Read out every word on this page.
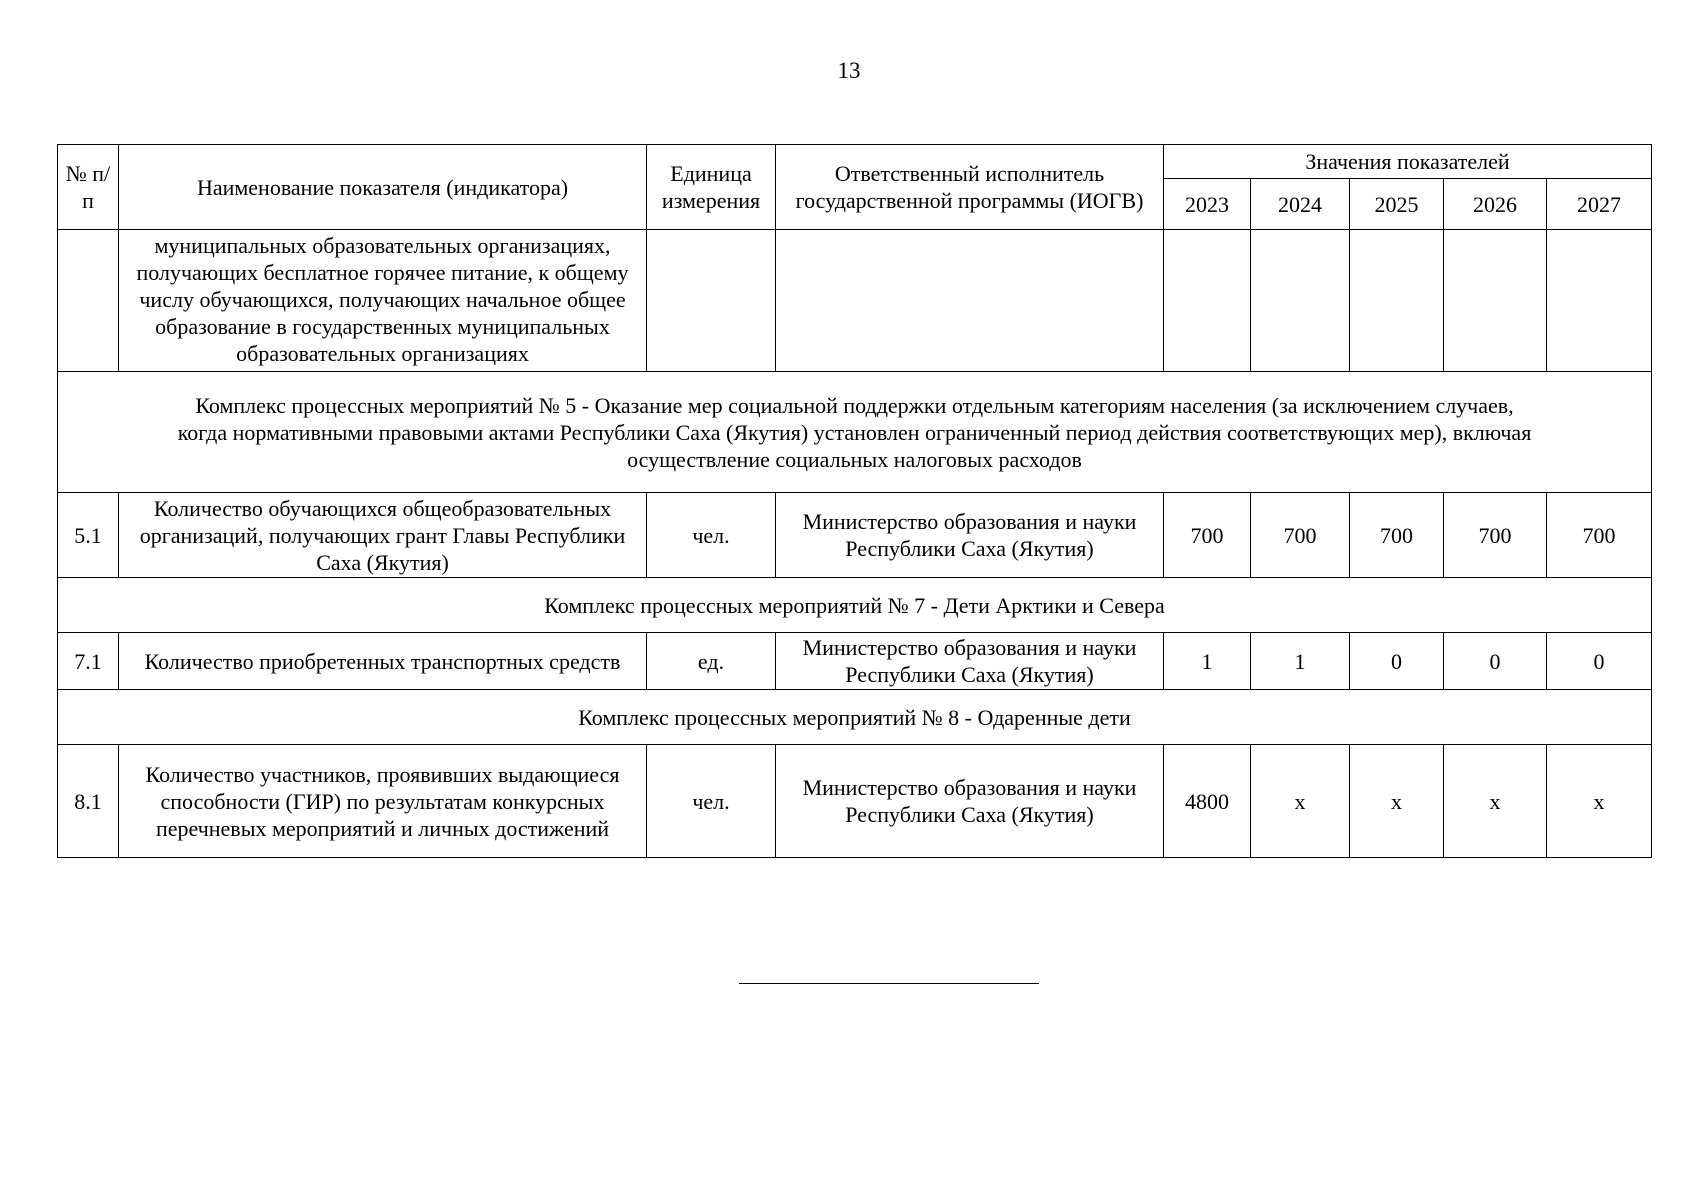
13
№ п/п	Наименование показателя (индикатора)	Единица измерения	Ответственный исполнитель государственной программы (ИОГВ)	Значения показателей				
				2023	2024	2025	2026	2027
	муниципальных образовательных организациях, получающих бесплатное горячее питание, к общему числу обучающихся, получающих начальное общее образование в государственных муниципальных образовательных организациях							
Комплекс процессных мероприятий № 5 - Оказание мер социальной поддержки отдельным категориям населения (за исключением случаев, когда нормативными правовыми актами Республики Саха (Якутия) установлен ограниченный период действия соответствующих мер), включая осуществление социальных налоговых расходов								
5.1	Количество обучающихся общеобразовательных организаций, получающих грант Главы Республики Саха (Якутия)	чел.	Министерство образования и науки Республики Саха (Якутия)	700	700	700	700	700
Комплекс процессных мероприятий № 7 - Дети Арктики и Севера								
7.1	Количество приобретенных транспортных средств	ед.	Министерство образования и науки Республики Саха (Якутия)	1	1	0	0	0
Комплекс процессных мероприятий № 8 - Одаренные дети								
8.1	Количество участников, проявивших выдающиеся способности (ГИР) по результатам конкурсных перечневых мероприятий и личных достижений	чел.	Министерство образования и науки Республики Саха (Якутия)	4800	х	х	х	х
